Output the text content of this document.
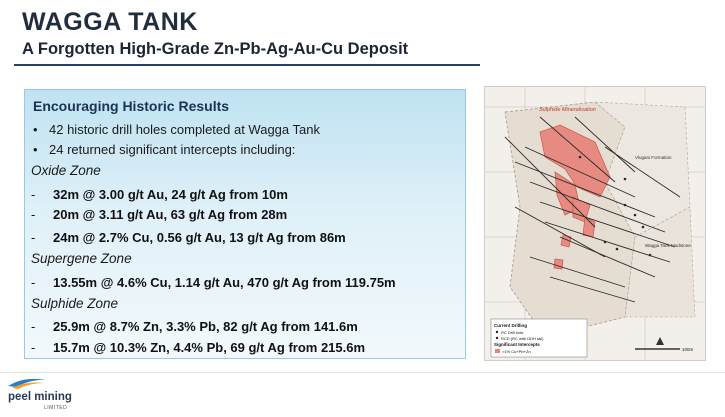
WAGGA TANK
A Forgotten High-Grade Zn-Pb-Ag-Au-Cu Deposit
Encouraging Historic Results
• 42 historic drill holes completed at Wagga Tank
• 24 returned significant intercepts including:
Oxide Zone
- 32m @ 3.00 g/t Au, 24 g/t Ag from 10m
- 20m @ 3.11 g/t Au, 63 g/t Ag from 28m
- 24m @ 2.7% Cu, 0.56 g/t Au, 13 g/t Ag from 86m
Supergene Zone
- 13.55m @ 4.6% Cu, 1.14 g/t Au, 470 g/t Ag from 119.75m
Sulphide Zone
- 25.9m @ 8.7% Zn, 3.3% Pb, 82 g/t Ag from 141.6m
- 15.7m @ 10.3% Zn, 4.4% Pb, 69 g/t Ag from 215.6m
Sulphide Mineralisation
Vlugani Formation
Wagga Tank Mudstone
Current Drilling
RC Drill hole
RCD (RC with DDH tail)
Significant Intercepts
>1% Cu+Pb+Zn	100m
peel mining
LIMITED
